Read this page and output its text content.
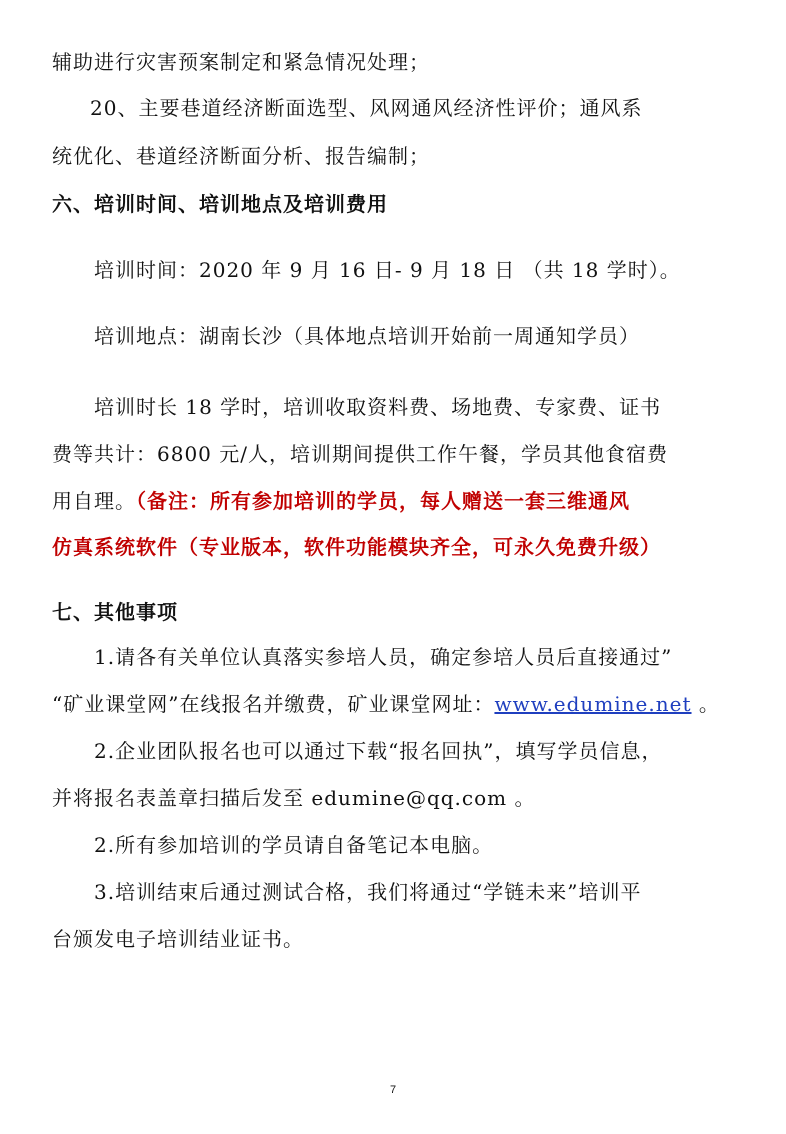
辅助进行灾害预案制定和紧急情况处理；
20、主要巷道经济断面选型、风网通风经济性评价；通风系
统优化、巷道经济断面分析、报告编制；
六、培训时间、培训地点及培训费用
培训时间：2020 年 9 月 16 日- 9 月 18 日 （共 18 学时）。
培训地点：湖南长沙（具体地点培训开始前一周通知学员）
培训时长 18 学时，培训收取资料费、场地费、专家费、证书
费等共计：6800 元/人，培训期间提供工作午餐，学员其他食宿费
用自理。（备注：所有参加培训的学员，每人赠送一套三维通风
仿真系统软件（专业版本，软件功能模块齐全，可永久免费升级）
七、其他事项
1.请各有关单位认真落实参培人员，确定参培人员后直接通过”
“矿业课堂网”在线报名并缴费，矿业课堂网址：www.edumine.net 。
2.企业团队报名也可以通过下载“报名回执”，填写学员信息，
并将报名表盖章扫描后发至 edumine@qq.com 。
2.所有参加培训的学员请自备笔记本电脑。
3.培训结束后通过测试合格，我们将通过“学链未来”培训平
台颁发电子培训结业证书。
7
